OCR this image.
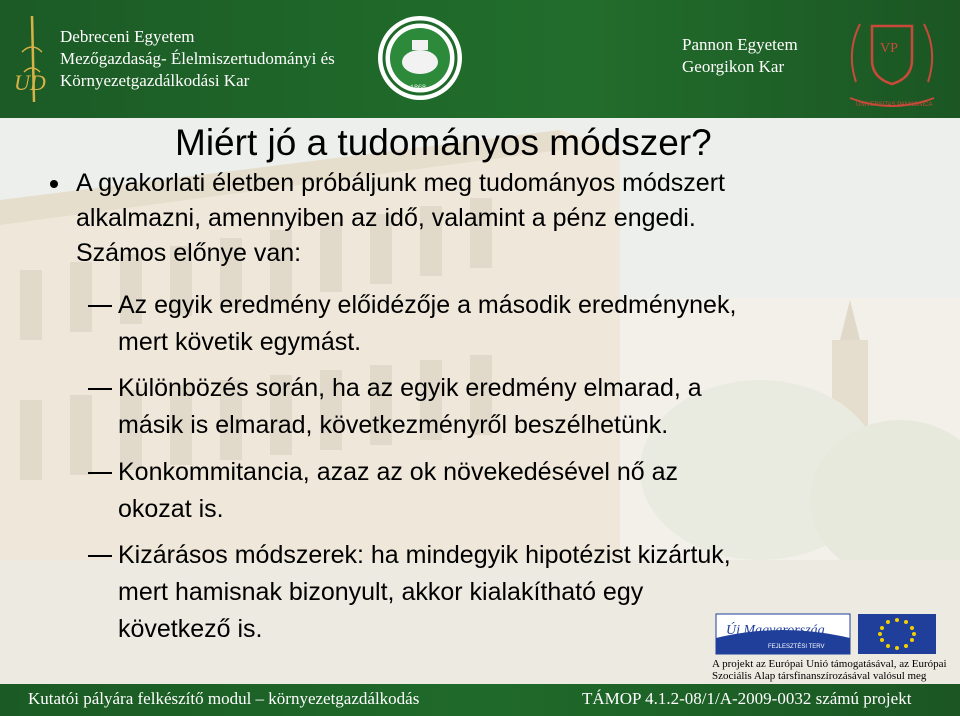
UD
Debreceni Egyetem
Mezőgazdaság- Élelmiszertudományi és
Környezetgazdálkodási Kar	1868
Pannon Egyetem
Georgikon Kar
VP
UNIVERSITAS PANNONICA
Miért jó a tudományos módszer?
A gyakorlati életben próbáljunk meg tudományos módszert
alkalmazni, amennyiben az idő, valamint a pénz engedi.
Számos előnye van:
Az egyik eredmény előidézője a második eredménynek,
mert követik egymást.
Különbözés során, ha az egyik eredmény elmarad, a
másik is elmarad, következményről beszélhetünk.
Konkommitancia, azaz az ok növekedésével nő az
okozat is.
Kizárásos módszerek: ha mindegyik hipotézist kizártuk,
mert hamisnak bizonyult, akkor kialakítható egy
következő is.	Új Magyarország
FEJLESZTÉSI TERV
A projekt az Európai Unió támogatásával, az Európai
Szociális Alap társfinanszírozásával valósul meg
Kutatói pályára felkészítő modul – környezetgazdálkodás	TÁMOP 4.1.2-08/1/A-2009-0032 számú projekt
